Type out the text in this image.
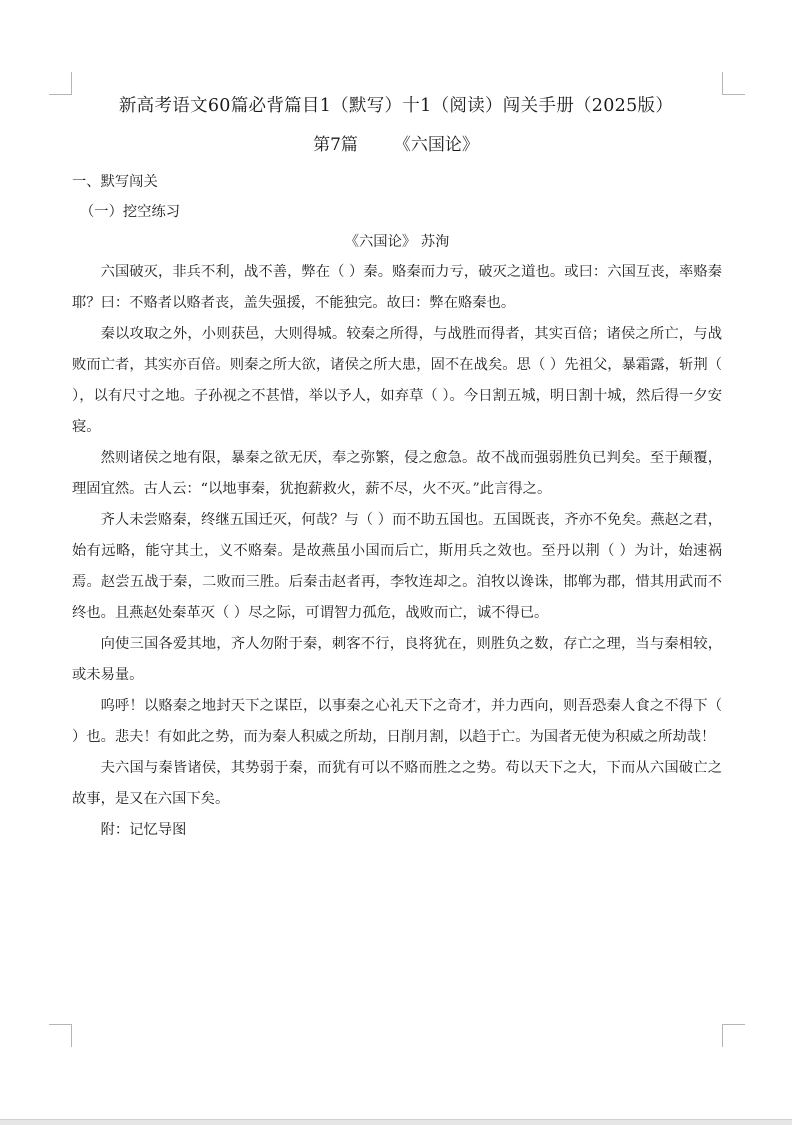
新高考语文60篇必背篇目1（默写）十1（阅读）闯关手册（2025版）
第7篇 《六国论》
一、默写闯关
（一）挖空练习
《六国论》 苏洵

六国破灭，非兵不利，战不善，弊在（ ）秦。赂秦而力亏，破灭之道也。或曰：六国互丧，率赂秦耶？曰：不赂者以赂者丧，盖失强援，不能独完。故曰：弊在赂秦也。

秦以攻取之外，小则获邑，大则得城。较秦之所得，与战胜而得者，其实百倍；诸侯之所亡，与战败而亡者，其实亦百倍。则秦之所大欲，诸侯之所大患，固不在战矣。思（ ）先祖父，暴霜露，斩荆（ ），以有尺寸之地。子孙视之不甚惜，举以予人，如弃草（ ）。今日割五城，明日割十城，然后得一夕安寝。

然则诸侯之地有限，暴秦之欲无厌，奉之弥繁，侵之愈急。故不战而强弱胜负已判矣。至于颠覆，理固宜然。古人云：“以地事秦，犹抱薪救火，薪不尽，火不灭。”此言得之。

齐人未尝赂秦，终继五国迁灭，何哉？与（ ）而不助五国也。五国既丧，齐亦不免矣。燕赵之君，始有远略，能守其土，义不赂秦。是故燕虽小国而后亡，斯用兵之效也。至丹以荆（ ）为计，始速祸焉。赵尝五战于秦，二败而三胜。后秦击赵者再，李牧连却之。洎牧以谗诛，邯郸为郡，惜其用武而不终也。且燕赵处秦革灭（ ）尽之际，可谓智力孤危，战败而亡，诚不得已。

向使三国各爱其地，齐人勿附于秦，刺客不行，良将犹在，则胜负之数，存亡之理，当与秦相较，或未易量。

呜呼！以赂秦之地封天下之谋臣，以事秦之心礼天下之奇才，并力西向，则吾恐秦人食之不得下（ ）也。悲夫！有如此之势，而为秦人积威之所劫，日削月割，以趋于亡。为国者无使为积威之所劫哉！

夫六国与秦皆诸侯，其势弱于秦，而犹有可以不赂而胜之之势。苟以天下之大，下而从六国破亡之故事，是又在六国下矣。

附：记忆导图
